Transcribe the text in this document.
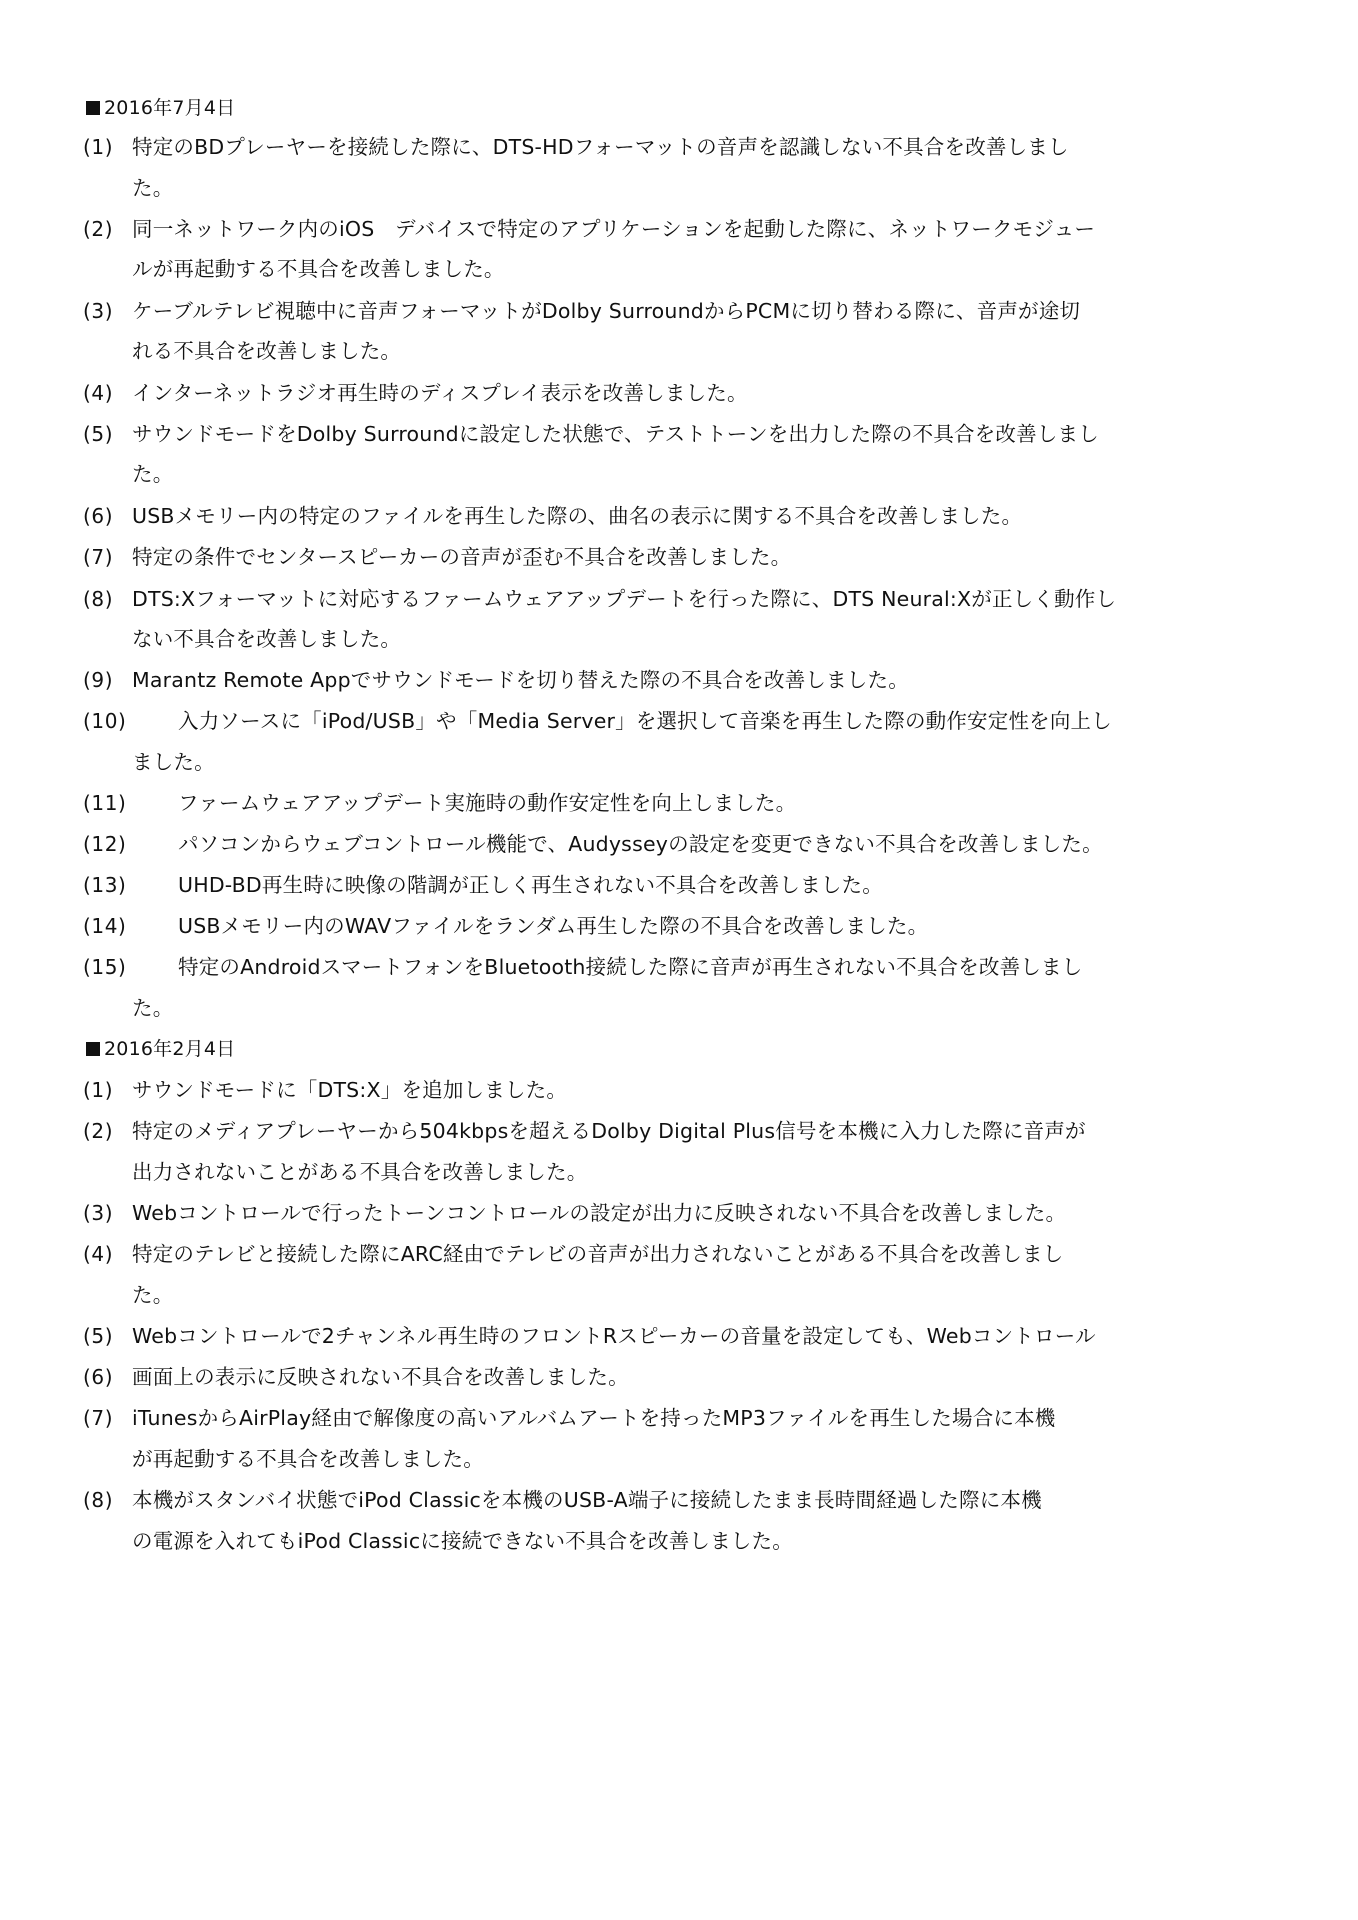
2016年7月4日
(1) 特定のBDプレーヤーを接続した際に、DTS-HDフォーマットの音声を認識しない不具合を改善しまし
た。
(2) 同一ネットワーク内のiOS　デバイスで特定のアプリケーションを起動した際に、ネットワークモジュー
ルが再起動する不具合を改善しました。
(3) ケーブルテレビ視聴中に音声フォーマットがDolby SurroundからPCMに切り替わる際に、音声が途切
れる不具合を改善しました。
(4) インターネットラジオ再生時のディスプレイ表示を改善しました。
(5) サウンドモードをDolby Surroundに設定した状態で、テストトーンを出力した際の不具合を改善しまし
た。
(6) USBメモリー内の特定のファイルを再生した際の、曲名の表示に関する不具合を改善しました。
(7) 特定の条件でセンタースピーカーの音声が歪む不具合を改善しました。
(8) DTS:Xフォーマットに対応するファームウェアアップデートを行った際に、DTS Neural:Xが正しく動作し
ない不具合を改善しました。
(9) Marantz Remote Appでサウンドモードを切り替えた際の不具合を改善しました。
(10)	入力ソースに「iPod/USB」や「Media Server」を選択して音楽を再生した際の動作安定性を向上し
ました。
(11)	ファームウェアアップデート実施時の動作安定性を向上しました。
(12)	パソコンからウェブコントロール機能で、Audysseyの設定を変更できない不具合を改善しました。
(13)	UHD-BD再生時に映像の階調が正しく再生されない不具合を改善しました。
(14)	USBメモリー内のWAVファイルをランダム再生した際の不具合を改善しました。
(15)	特定のAndroidスマートフォンをBluetooth接続した際に音声が再生されない不具合を改善しまし
た。
2016年2月4日
(1) サウンドモードに「DTS:X」を追加しました。
(2) 特定のメディアプレーヤーから504kbpsを超えるDolby Digital Plus信号を本機に入力した際に音声が
出力されないことがある不具合を改善しました。
(3) Webコントロールで行ったトーンコントロールの設定が出力に反映されない不具合を改善しました。
(4) 特定のテレビと接続した際にARC経由でテレビの音声が出力されないことがある不具合を改善しまし
た。
(5) Webコントロールで2チャンネル再生時のフロントRスピーカーの音量を設定しても、Webコントロール
(6) 画面上の表示に反映されない不具合を改善しました。
(7) iTunesからAirPlay経由で解像度の高いアルバムアートを持ったMP3ファイルを再生した場合に本機
が再起動する不具合を改善しました。
(8) 本機がスタンバイ状態でiPod Classicを本機のUSB-A端子に接続したまま長時間経過した際に本機
の電源を入れてもiPod Classicに接続できない不具合を改善しました。
